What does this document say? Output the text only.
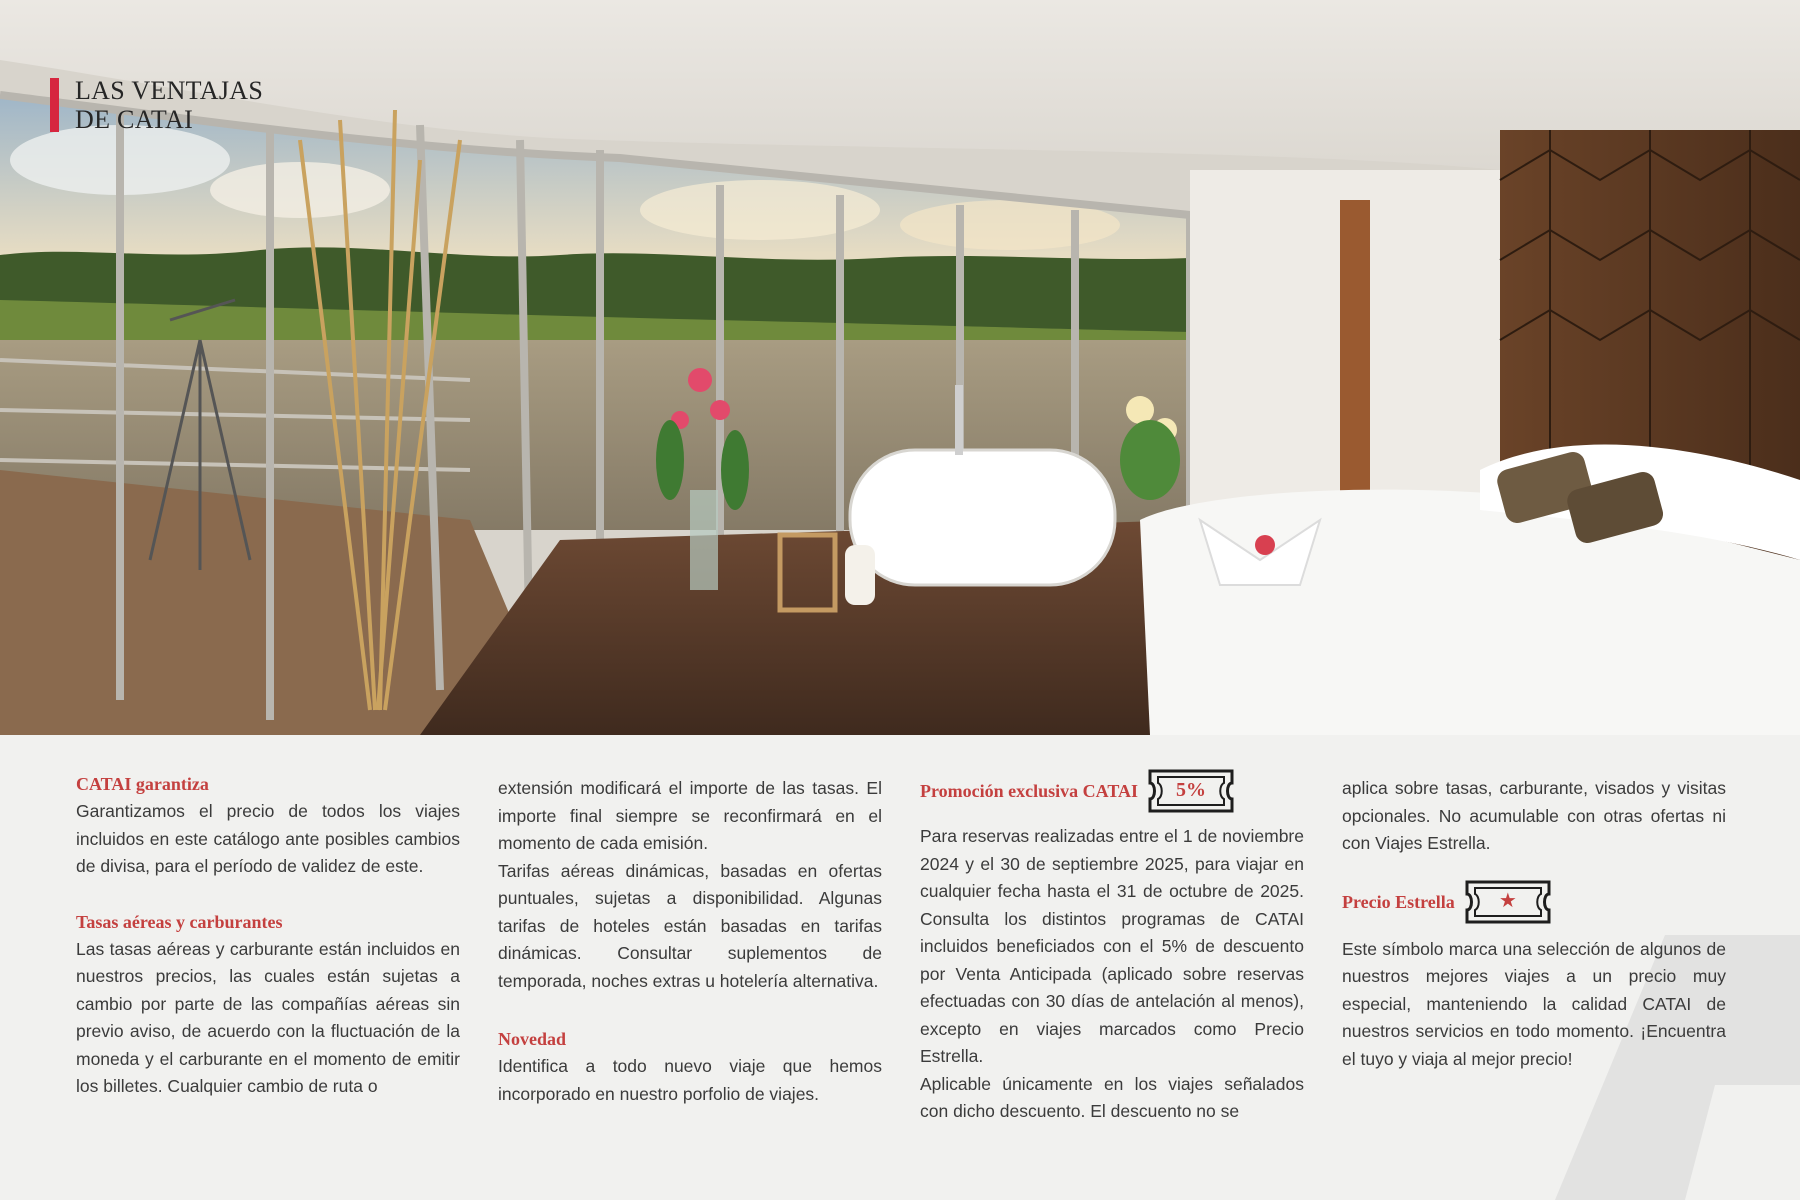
LAS VENTAJAS
DE CATAI
CATAI garantiza

Garantizamos el precio de todos los viajes incluidos en este catálogo ante posibles cambios de divisa, para el período de validez de este.

Tasas aéreas y carburantes

Las tasas aéreas y carburante están incluidos en nuestros precios, las cuales están sujetas a cambio por parte de las compañías aéreas sin previo aviso, de acuerdo con la fluctuación de la moneda y el carburante en el momento de emitir los billetes. Cualquier cambio de ruta o

extensión modificará el importe de las tasas. El importe final siempre se reconfirmará en el momento de cada emisión.

Tarifas aéreas dinámicas, basadas en ofertas puntuales, sujetas a disponibilidad. Algunas tarifas de hoteles están basadas en tarifas dinámicas. Consultar suplementos de temporada, noches extras u hotelería alternativa.

Novedad

Identifica a todo nuevo viaje que hemos incorporado en nuestro porfolio de viajes.

Promoción exclusiva CATAI	5%

Para reservas realizadas entre el 1 de noviembre 2024 y el 30 de septiembre 2025, para viajar en cualquier fecha hasta el 31 de octubre de 2025. Consulta los distintos programas de CATAI incluidos beneficiados con el 5% de descuento por Venta Anticipada (aplicado sobre reservas efectuadas con 30 días de antelación al menos), excepto en viajes marcados como Precio Estrella.

Aplicable únicamente en los viajes señalados con dicho descuento. El descuento no se

aplica sobre tasas, carburante, visados y visitas opcionales. No acumulable con otras ofertas ni con Viajes Estrella.

Precio Estrella	★

Este símbolo marca una selección de algunos de nuestros mejores viajes a un precio muy especial, manteniendo la calidad CATAI de nuestros servicios en todo momento. ¡Encuentra el tuyo y viaja al mejor precio!
